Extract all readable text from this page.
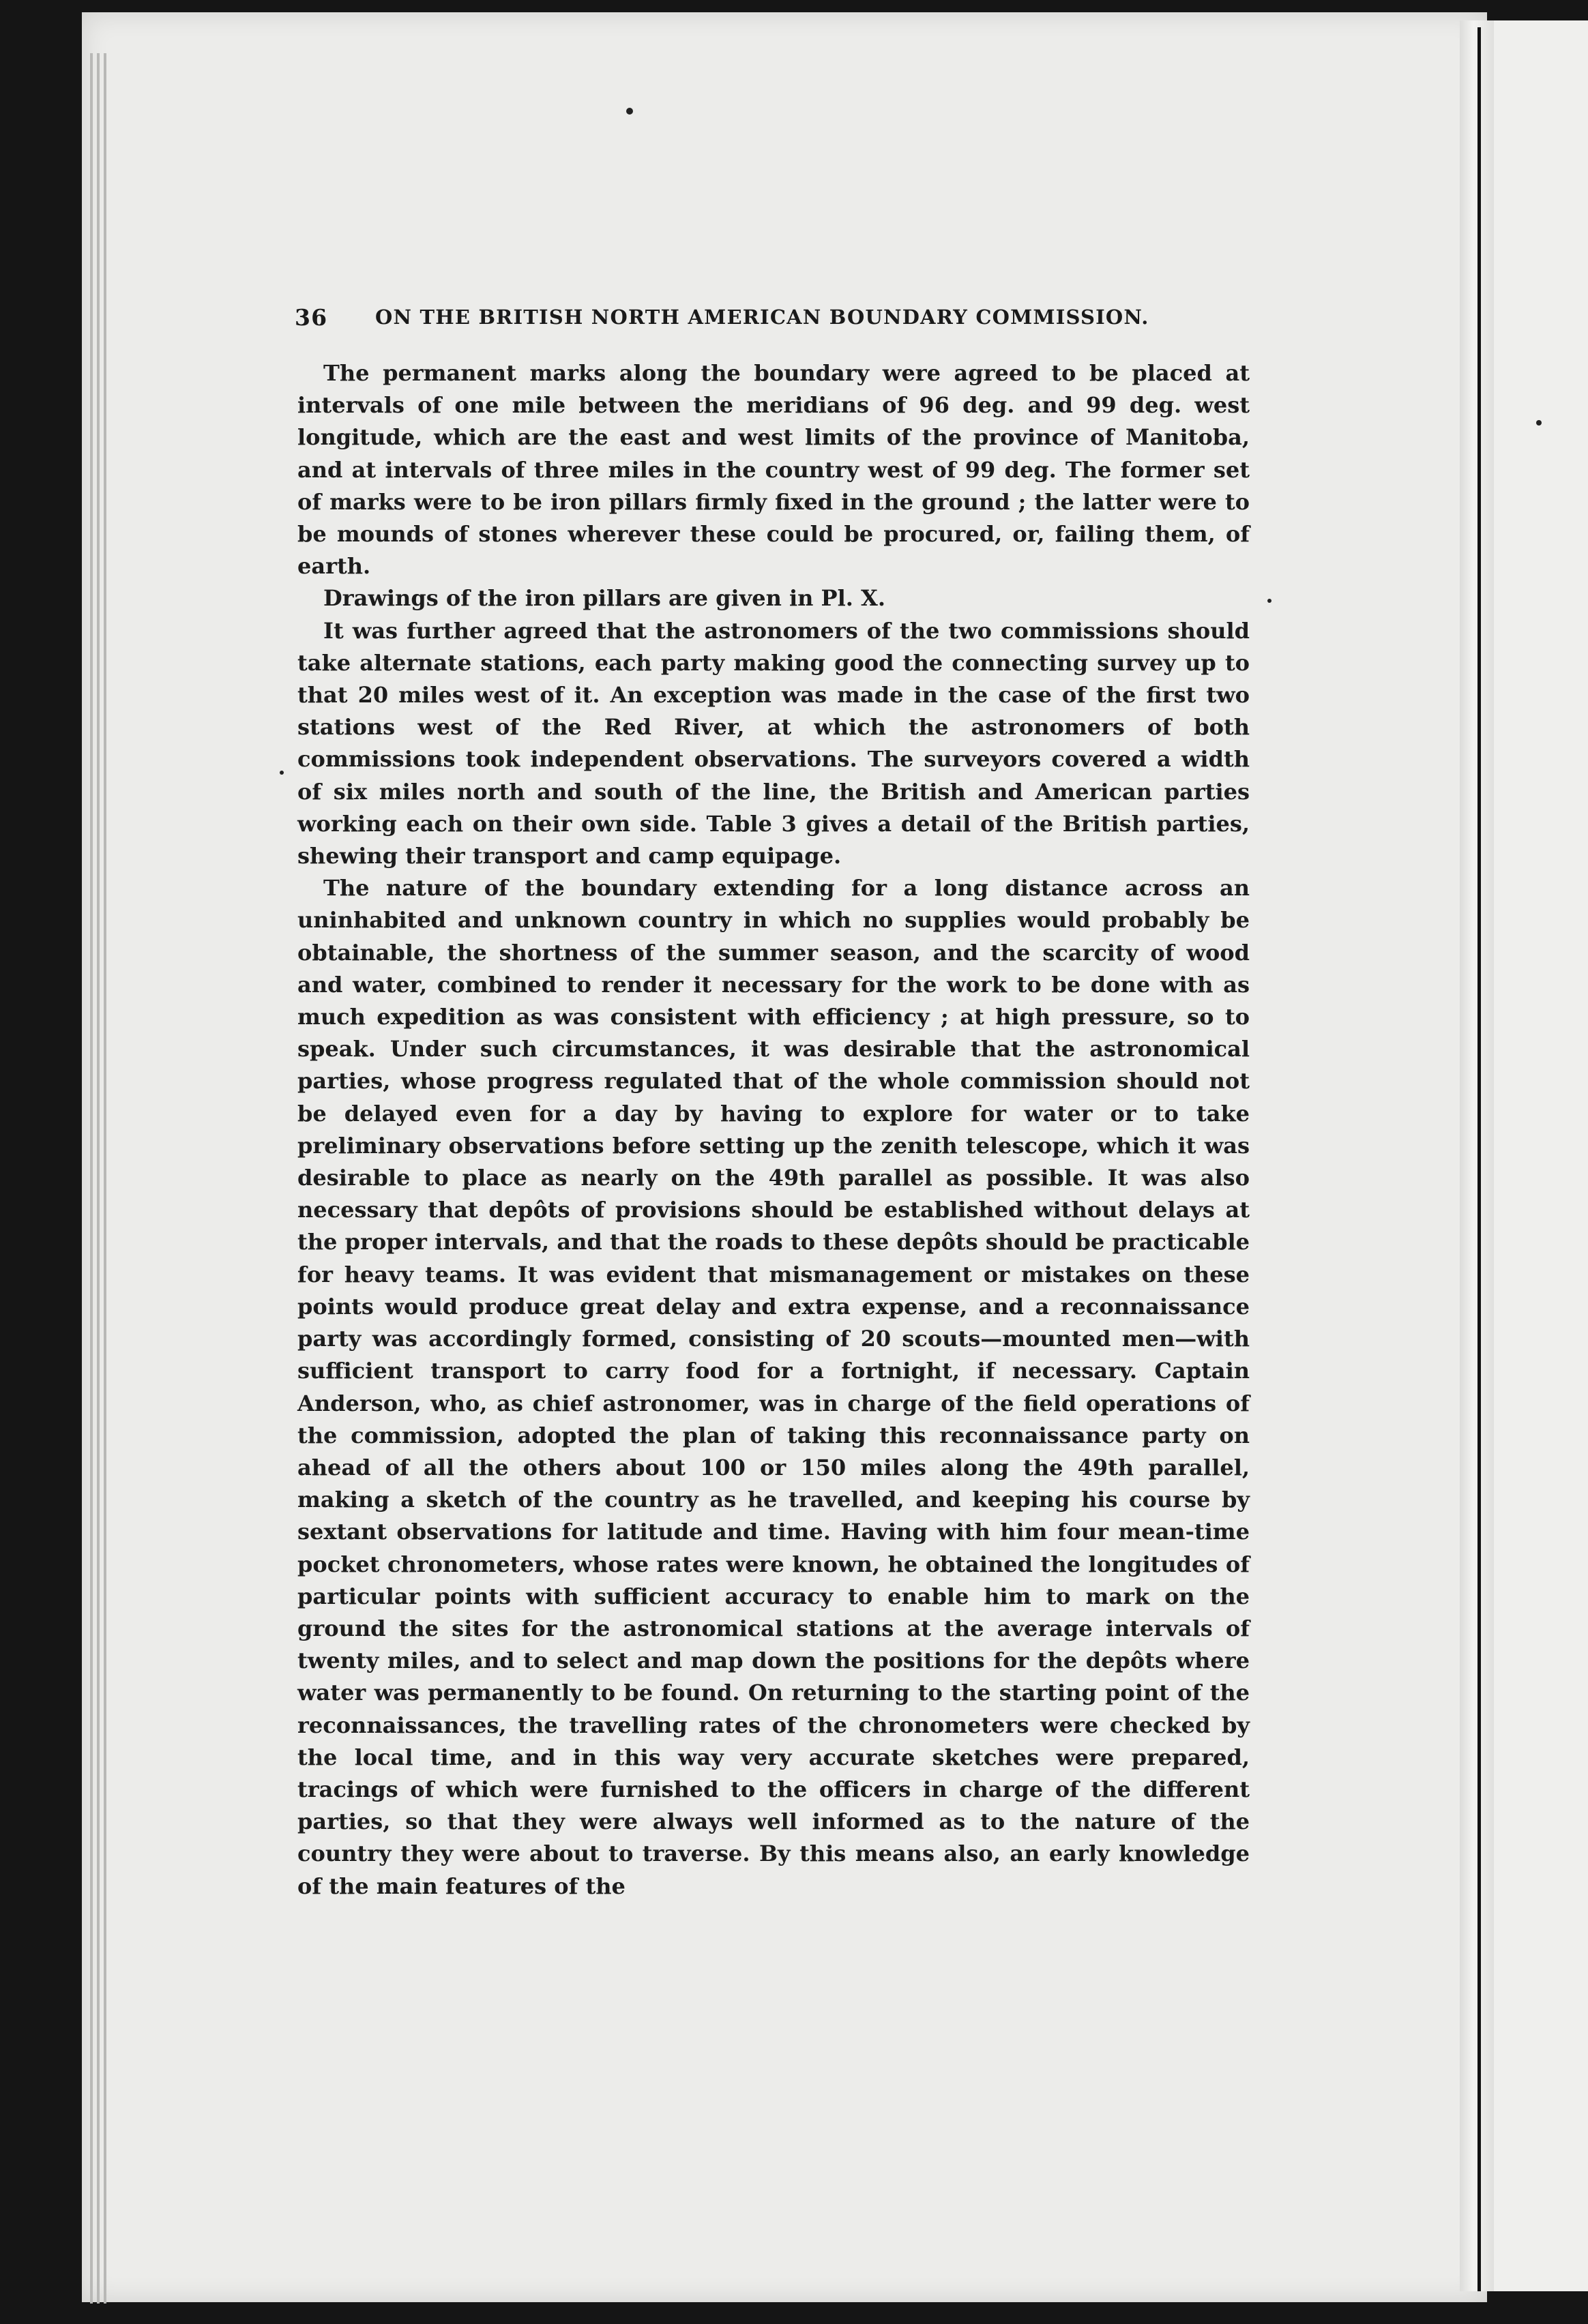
36 ON THE BRITISH NORTH AMERICAN BOUNDARY COMMISSION.

The permanent marks along the boundary were agreed to be placed at intervals of one mile between the meridians of 96 deg. and 99 deg. west longitude, which are the east and west limits of the province of Manitoba, and at intervals of three miles in the country west of 99 deg. The former set of marks were to be iron pillars firmly fixed in the ground ; the latter were to be mounds of stones wherever these could be procured, or, failing them, of earth.

Drawings of the iron pillars are given in Pl. X.

It was further agreed that the astronomers of the two commissions should take alternate stations, each party making good the connecting survey up to that 20 miles west of it. An exception was made in the case of the first two stations west of the Red River, at which the astronomers of both commissions took independent observations. The surveyors covered a width of six miles north and south of the line, the British and American parties working each on their own side. Table 3 gives a detail of the British parties, shewing their transport and camp equipage.

The nature of the boundary extending for a long distance across an uninhabited and unknown country in which no supplies would probably be obtainable, the shortness of the summer season, and the scarcity of wood and water, combined to render it necessary for the work to be done with as much expedition as was consistent with efficiency ; at high pressure, so to speak. Under such circumstances, it was desirable that the astronomical parties, whose progress regulated that of the whole commission should not be delayed even for a day by having to explore for water or to take preliminary observations before setting up the zenith telescope, which it was desirable to place as nearly on the 49th parallel as possible. It was also necessary that depôts of provisions should be established without delays at the proper intervals, and that the roads to these depôts should be practicable for heavy teams. It was evident that mismanagement or mistakes on these points would produce great delay and extra expense, and a reconnaissance party was accordingly formed, consisting of 20 scouts—mounted men—with sufficient transport to carry food for a fortnight, if necessary. Captain Anderson, who, as chief astronomer, was in charge of the field operations of the commission, adopted the plan of taking this reconnaissance party on ahead of all the others about 100 or 150 miles along the 49th parallel, making a sketch of the country as he travelled, and keeping his course by sextant observations for latitude and time. Having with him four mean-time pocket chronometers, whose rates were known, he obtained the longitudes of particular points with sufficient accuracy to enable him to mark on the ground the sites for the astronomical stations at the average intervals of twenty miles, and to select and map down the positions for the depôts where water was permanently to be found. On returning to the starting point of the reconnaissances, the travelling rates of the chronometers were checked by the local time, and in this way very accurate sketches were prepared, tracings of which were furnished to the officers in charge of the different parties, so that they were always well informed as to the nature of the country they were about to traverse. By this means also, an early knowledge of the main features of the
